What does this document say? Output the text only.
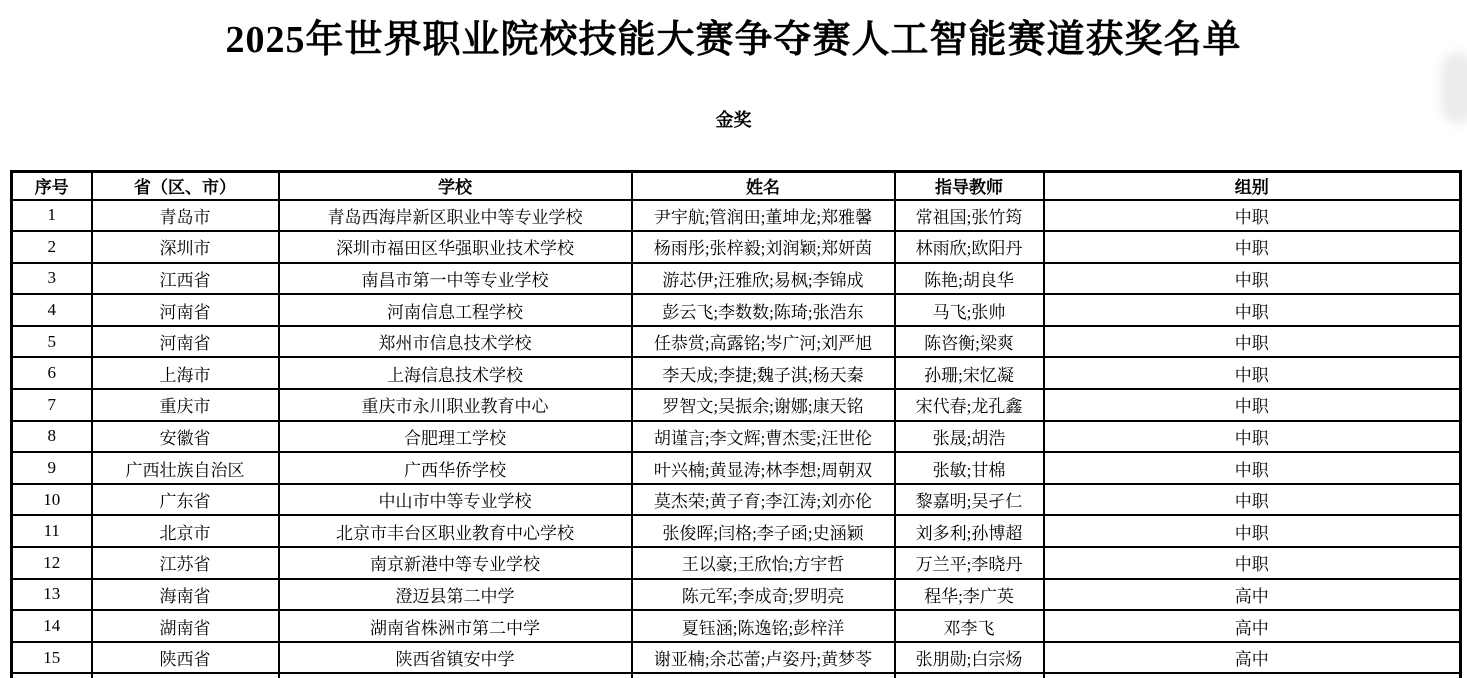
2025年世界职业院校技能大赛争夺赛人工智能赛道获奖名单
金奖
序号	省（区、市）	学校	姓名	指导教师	组别
1	青岛市	青岛西海岸新区职业中等专业学校	尹宇航;管润田;董坤龙;郑雅馨	常祖国;张竹筠	中职
2	深圳市	深圳市福田区华强职业技术学校	杨雨彤;张梓毅;刘润颖;郑妍茵	林雨欣;欧阳丹	中职
3	江西省	南昌市第一中等专业学校	游芯伊;汪雅欣;易枫;李锦成	陈艳;胡良华	中职
4	河南省	河南信息工程学校	彭云飞;李数数;陈琦;张浩东	马飞;张帅	中职
5	河南省	郑州市信息技术学校	任恭赏;高露铭;岑广河;刘严旭	陈咨衡;梁爽	中职
6	上海市	上海信息技术学校	李天成;李捷;魏子淇;杨天秦	孙珊;宋忆凝	中职
7	重庆市	重庆市永川职业教育中心	罗智文;吴振余;谢娜;康天铭	宋代春;龙孔鑫	中职
8	安徽省	合肥理工学校	胡谨言;李文辉;曹杰雯;汪世伦	张晟;胡浩	中职
9	广西壮族自治区	广西华侨学校	叶兴楠;黄显涛;林李想;周朝双	张敏;甘棉	中职
10	广东省	中山市中等专业学校	莫杰荣;黄子育;李江涛;刘亦伦	黎嘉明;吴孑仁	中职
11	北京市	北京市丰台区职业教育中心学校	张俊晖;闫格;李子函;史涵颖	刘多利;孙博超	中职
12	江苏省	南京新港中等专业学校	王以豪;王欣怡;方宇哲	万兰平;李晓丹	中职
13	海南省	澄迈县第二中学	陈元军;李成奇;罗明亮	程华;李广英	高中
14	湖南省	湖南省株洲市第二中学	夏钰涵;陈逸铭;彭梓洋	邓李飞	高中
15	陕西省	陕西省镇安中学	谢亚楠;余芯蕾;卢姿丹;黄梦苓	张朋勋;白宗炀	高中
